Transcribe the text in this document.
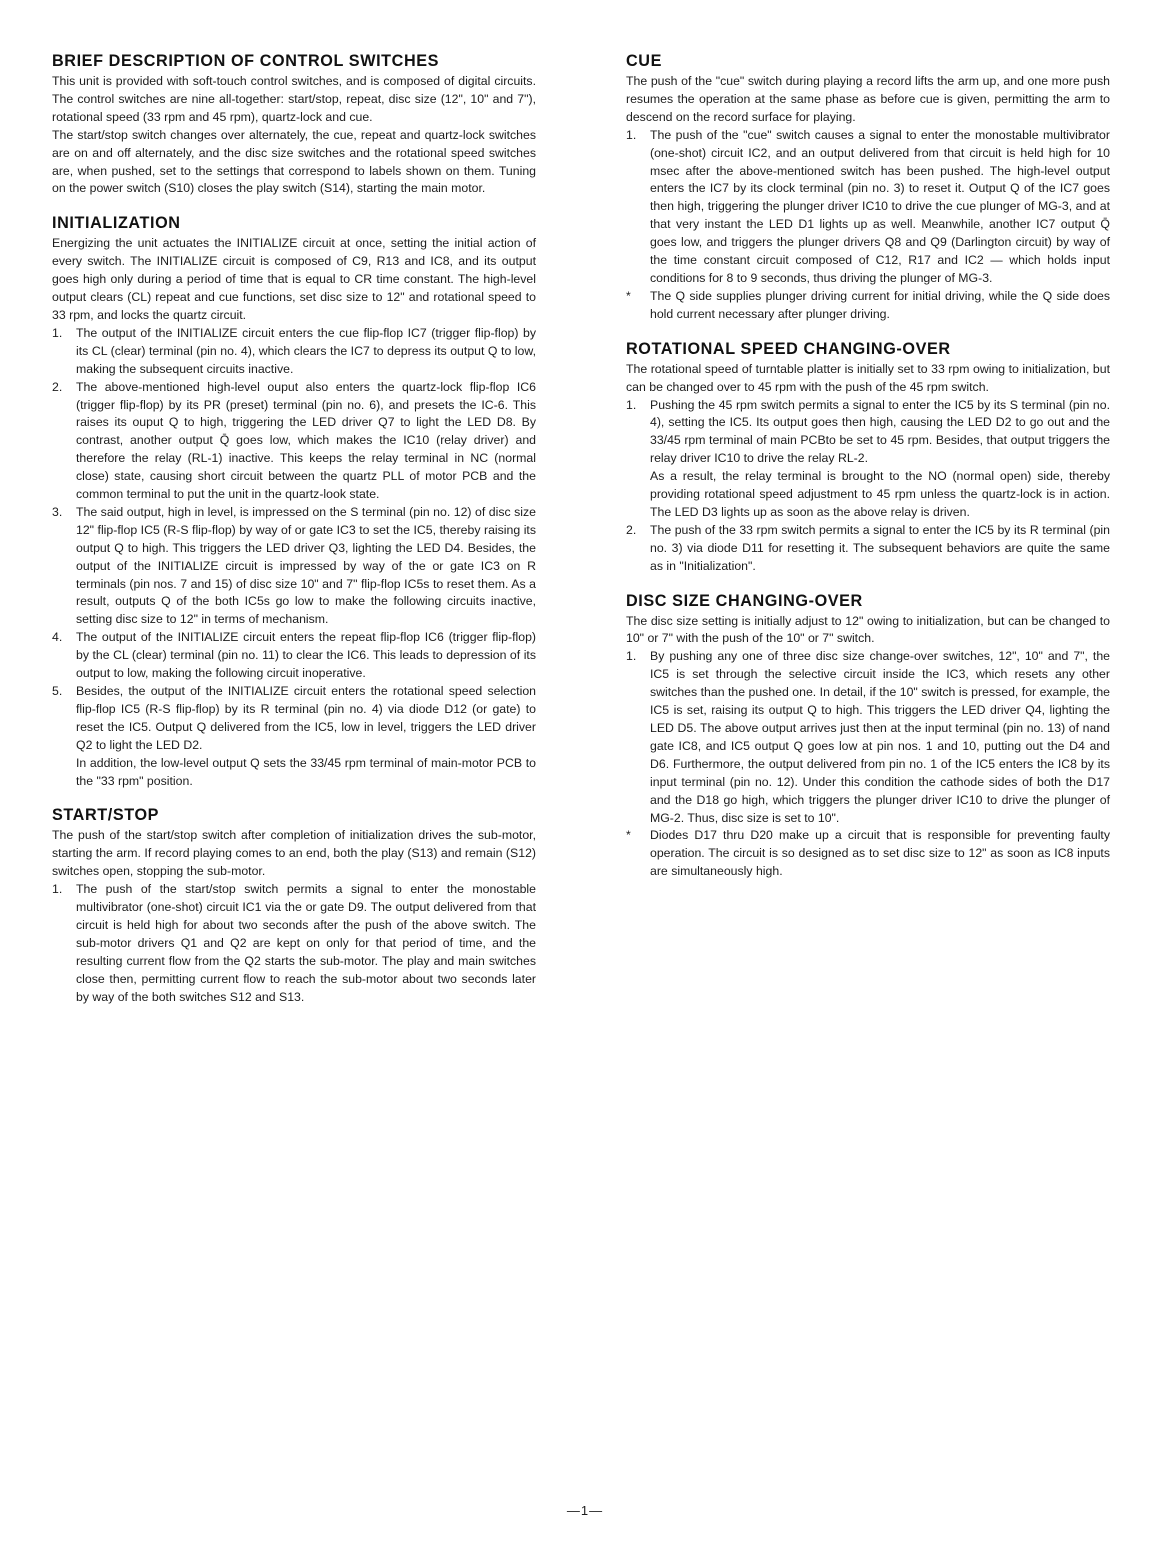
BRIEF DESCRIPTION OF CONTROL SWITCHES

This unit is provided with soft-touch control switches, and is composed of digital circuits. The control switches are nine all-together: start/stop, repeat, disc size (12", 10" and 7"), rotational speed (33 rpm and 45 rpm), quartz-lock and cue.

The start/stop switch changes over alternately, the cue, repeat and quartz-lock switches are on and off alternately, and the disc size switches and the rotational speed switches are, when pushed, set to the settings that correspond to labels shown on them. Tuning on the power switch (S10) closes the play switch (S14), starting the main motor.

INITIALIZATION

Energizing the unit actuates the INITIALIZE circuit at once, setting the initial action of every switch. The INITIALIZE circuit is composed of C9, R13 and IC8, and its output goes high only during a period of time that is equal to CR time constant. The high-level output clears (CL) repeat and cue functions, set disc size to 12" and rotational speed to 33 rpm, and locks the quartz circuit.

1. The output of the INITIALIZE circuit enters the cue flip-flop IC7 (trigger flip-flop) by its CL (clear) terminal (pin no. 4), which clears the IC7 to depress its output Q to low, making the subsequent circuits inactive.

2. The above-mentioned high-level ouput also enters the quartz-lock flip-flop IC6 (trigger flip-flop) by its PR (preset) terminal (pin no. 6), and presets the IC-6. This raises its ouput Q to high, triggering the LED driver Q7 to light the LED D8. By contrast, another output Q̄ goes low, which makes the IC10 (relay driver) and therefore the relay (RL-1) inactive. This keeps the relay terminal in NC (normal close) state, causing short circuit between the quartz PLL of motor PCB and the common terminal to put the unit in the quartz-look state.

3. The said output, high in level, is impressed on the S terminal (pin no. 12) of disc size 12" flip-flop IC5 (R-S flip-flop) by way of or gate IC3 to set the IC5, thereby raising its output Q to high. This triggers the LED driver Q3, lighting the LED D4. Besides, the output of the INITIALIZE circuit is impressed by way of the or gate IC3 on R terminals (pin nos. 7 and 15) of disc size 10" and 7" flip-flop IC5s to reset them. As a result, outputs Q of the both IC5s go low to make the following circuits inactive, setting disc size to 12" in terms of mechanism.

4. The output of the INITIALIZE circuit enters the repeat flip-flop IC6 (trigger flip-flop) by the CL (clear) terminal (pin no. 11) to clear the IC6. This leads to depression of its output to low, making the following circuit inoperative.

5. Besides, the output of the INITIALIZE circuit enters the rotational speed selection flip-flop IC5 (R-S flip-flop) by its R terminal (pin no. 4) via diode D12 (or gate) to reset the IC5. Output Q delivered from the IC5, low in level, triggers the LED driver Q2 to light the LED D2.

In addition, the low-level output Q sets the 33/45 rpm terminal of main-motor PCB to the "33 rpm" position.

START/STOP

The push of the start/stop switch after completion of initialization drives the sub-motor, starting the arm. If record playing comes to an end, both the play (S13) and remain (S12) switches open, stopping the sub-motor.

1. The push of the start/stop switch permits a signal to enter the monostable multivibrator (one-shot) circuit IC1 via the or gate D9. The output delivered from that circuit is held high for about two seconds after the push of the above switch. The sub-motor drivers Q1 and Q2 are kept on only for that period of time, and the resulting current flow from the Q2 starts the sub-motor. The play and main switches close then, permitting current flow to reach the sub-motor about two seconds later by way of the both switches S12 and S13.

CUE

The push of the "cue" switch during playing a record lifts the arm up, and one more push resumes the operation at the same phase as before cue is given, permitting the arm to descend on the record surface for playing.

1. The push of the "cue" switch causes a signal to enter the monostable multivibrator (one-shot) circuit IC2, and an output delivered from that circuit is held high for 10 msec after the above-mentioned switch has been pushed. The high-level output enters the IC7 by its clock terminal (pin no. 3) to reset it. Output Q of the IC7 goes then high, triggering the plunger driver IC10 to drive the cue plunger of MG-3, and at that very instant the LED D1 lights up as well. Meanwhile, another IC7 output Q̄ goes low, and triggers the plunger drivers Q8 and Q9 (Darlington circuit) by way of the time constant circuit composed of C12, R17 and IC2 — which holds input conditions for 8 to 9 seconds, thus driving the plunger of MG-3.

* The Q side supplies plunger driving current for initial driving, while the Q side does hold current necessary after plunger driving.

ROTATIONAL SPEED CHANGING-OVER

The rotational speed of turntable platter is initially set to 33 rpm owing to initialization, but can be changed over to 45 rpm with the push of the 45 rpm switch.

1. Pushing the 45 rpm switch permits a signal to enter the IC5 by its S terminal (pin no. 4), setting the IC5. Its output goes then high, causing the LED D2 to go out and the 33/45 rpm terminal of main PCBto be set to 45 rpm. Besides, that output triggers the relay driver IC10 to drive the relay RL-2.

As a result, the relay terminal is brought to the NO (normal open) side, thereby providing rotational speed adjustment to 45 rpm unless the quartz-lock is in action. The LED D3 lights up as soon as the above relay is driven.

2. The push of the 33 rpm switch permits a signal to enter the IC5 by its R terminal (pin no. 3) via diode D11 for resetting it. The subsequent behaviors are quite the same as in "Initialization".

DISC SIZE CHANGING-OVER

The disc size setting is initially adjust to 12" owing to initialization, but can be changed to 10" or 7" with the push of the 10" or 7" switch.

1. By pushing any one of three disc size change-over switches, 12", 10" and 7", the IC5 is set through the selective circuit inside the IC3, which resets any other switches than the pushed one. In detail, if the 10" switch is pressed, for example, the IC5 is set, raising its output Q to high. This triggers the LED driver Q4, lighting the LED D5. The above output arrives just then at the input terminal (pin no. 13) of nand gate IC8, and IC5 output Q goes low at pin nos. 1 and 10, putting out the D4 and D6. Furthermore, the output delivered from pin no. 1 of the IC5 enters the IC8 by its input terminal (pin no. 12). Under this condition the cathode sides of both the D17 and the D18 go high, which triggers the plunger driver IC10 to drive the plunger of MG-2. Thus, disc size is set to 10".

* Diodes D17 thru D20 make up a circuit that is responsible for preventing faulty operation. The circuit is so designed as to set disc size to 12" as soon as IC8 inputs are simultaneously high.

—1—
